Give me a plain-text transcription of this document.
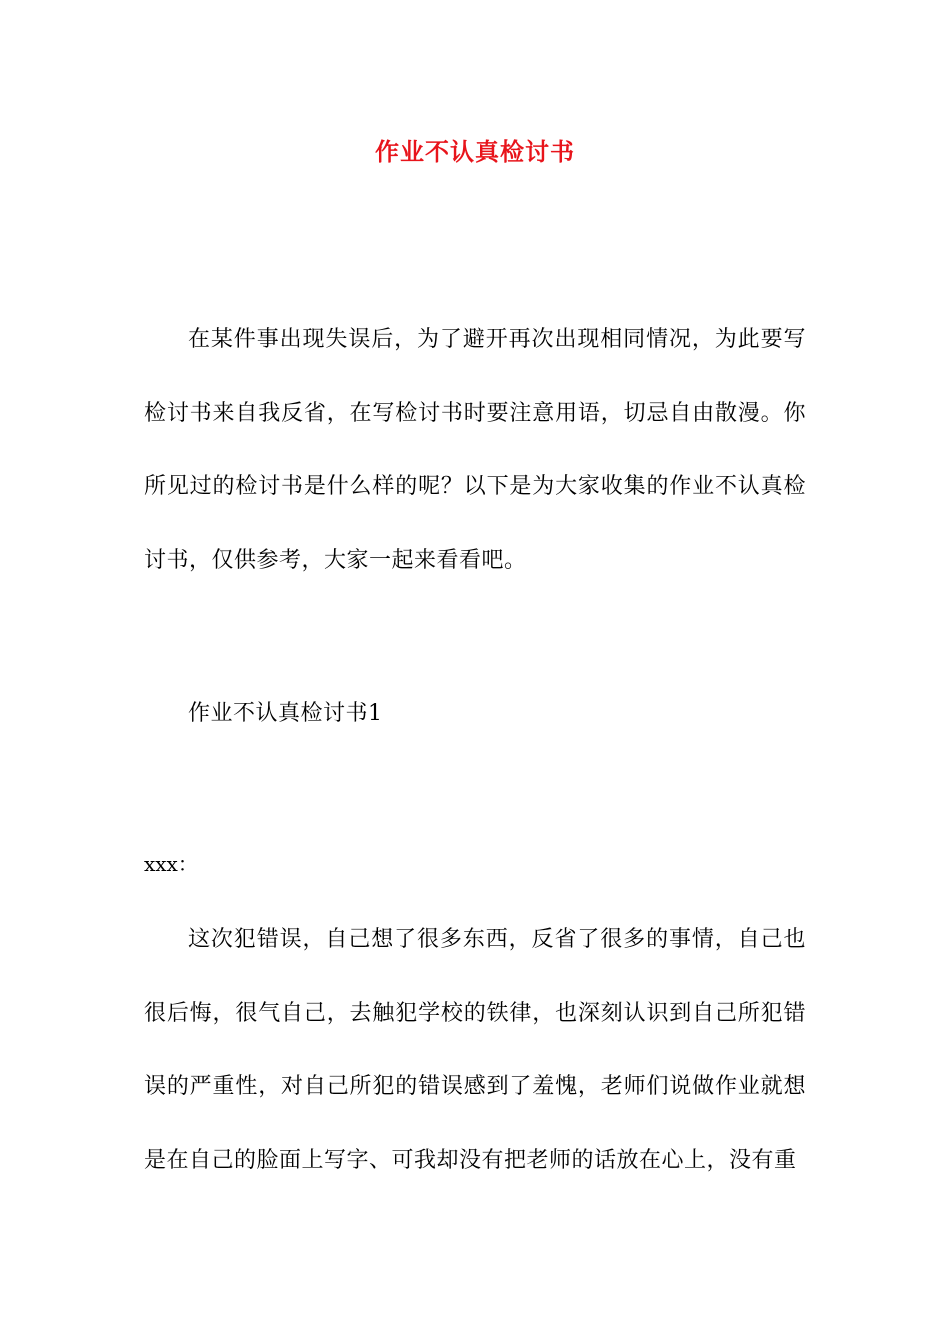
作业不认真检讨书
在某件事出现失误后，为了避开再次出现相同情况，为此要写检讨书来自我反省，在写检讨书时要注意用语，切忌自由散漫。你所见过的检讨书是什么样的呢？以下是为大家收集的作业不认真检讨书，仅供参考，大家一起来看看吧。
作业不认真检讨书1
xxx：
这次犯错误，自己想了很多东西，反省了很多的事情，自己也很后悔，很气自己，去触犯学校的铁律，也深刻认识到自己所犯错误的严重性，对自己所犯的错误感到了羞愧，老师们说做作业就想是在自己的脸面上写字、可我却没有把老师的话放在心上，没有重
